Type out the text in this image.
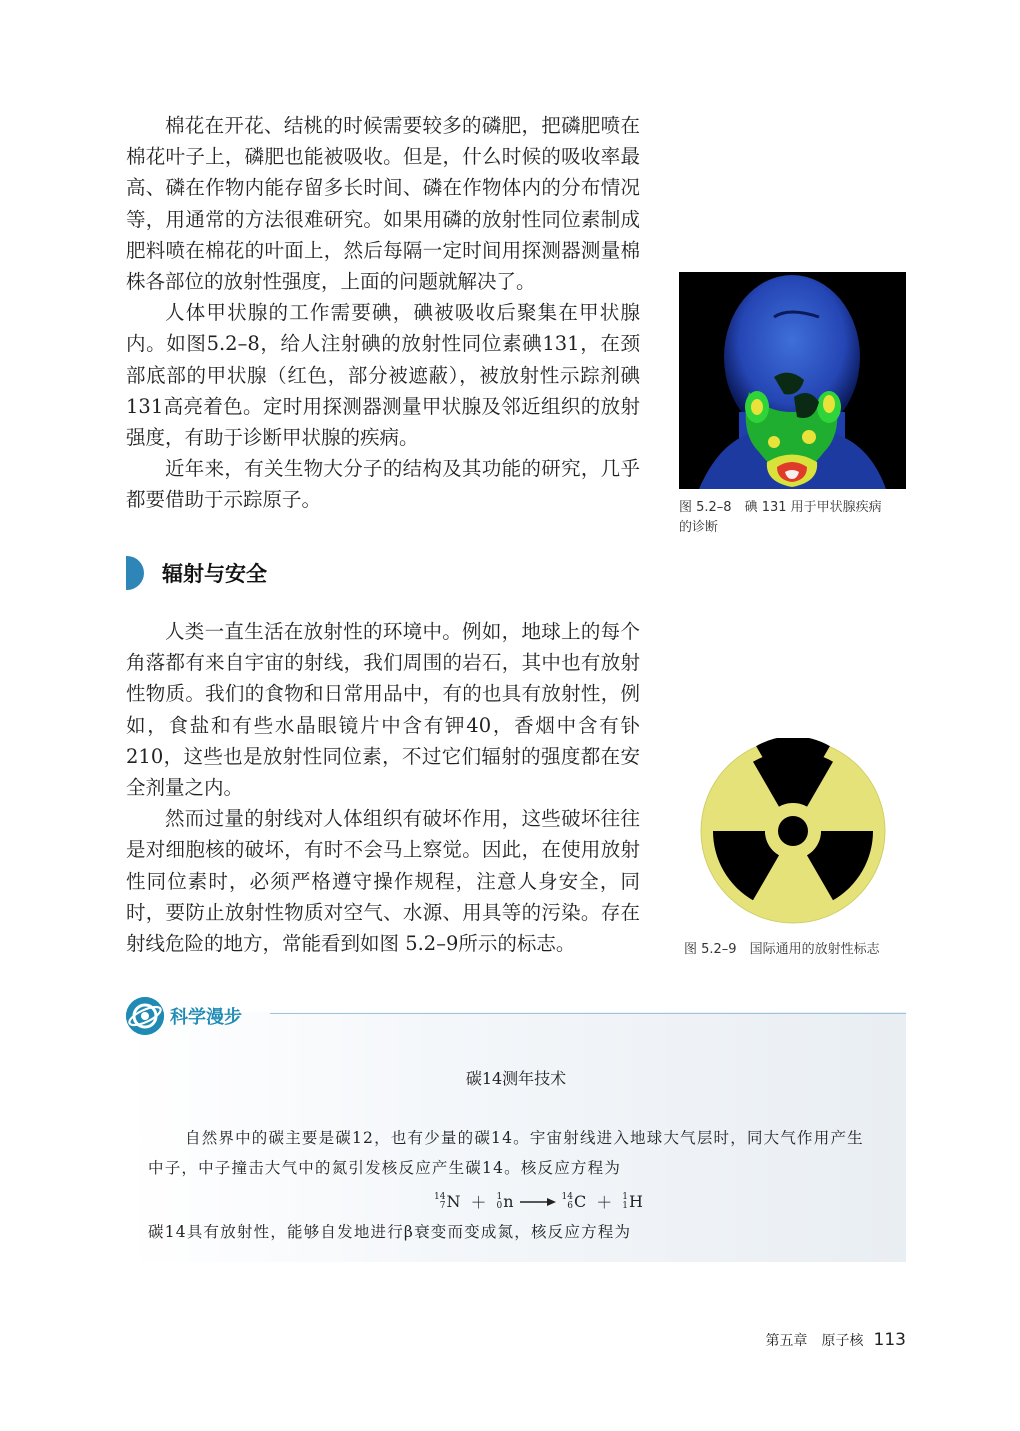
棉花在开花、结桃的时候需要较多的磷肥，把磷肥喷在棉花叶子上，磷肥也能被吸收。但是，什么时候的吸收率最高、磷在作物内能存留多长时间、磷在作物体内的分布情况等，用通常的方法很难研究。如果用磷的放射性同位素制成肥料喷在棉花的叶面上，然后每隔一定时间用探测器测量棉株各部位的放射性强度，上面的问题就解决了。

人体甲状腺的工作需要碘，碘被吸收后聚集在甲状腺内。如图5.2–8，给人注射碘的放射性同位素碘131，在颈部底部的甲状腺（红色，部分被遮蔽），被放射性示踪剂碘131高亮着色。定时用探测器测量甲状腺及邻近组织的放射强度，有助于诊断甲状腺的疾病。

近年来，有关生物大分子的结构及其功能的研究，几乎都要借助于示踪原子。	图 5.2–8　碘 131 用于甲状腺疾病
的诊断
辐射与安全

人类一直生活在放射性的环境中。例如，地球上的每个角落都有来自宇宙的射线，我们周围的岩石，其中也有放射性物质。我们的食物和日常用品中，有的也具有放射性，例如，食盐和有些水晶眼镜片中含有钾40，香烟中含有钋210，这些也是放射性同位素，不过它们辐射的强度都在安全剂量之内。

然而过量的射线对人体组织有破坏作用，这些破坏往往是对细胞核的破坏，有时不会马上察觉。因此，在使用放射性同位素时，必须严格遵守操作规程，注意人身安全，同时，要防止放射性物质对空气、水源、用具等的污染。存在射线危险的地方，常能看到如图 5.2–9所示的标志。	图 5.2–9　国际通用的放射性标志
科学漫步
碳14测年技术
自然界中的碳主要是碳12，也有少量的碳14。宇宙射线进入地球大气层时，同大气作用产生
中子，中子撞击大气中的氮引发核反应产生碳14。核反应方程为
14
7 N ＋ 1
0 n → 14
6 C ＋ 1
1 H
碳14具有放射性，能够自发地进行β衰变而变成氮，核反应方程为
第五章 原子核 113
